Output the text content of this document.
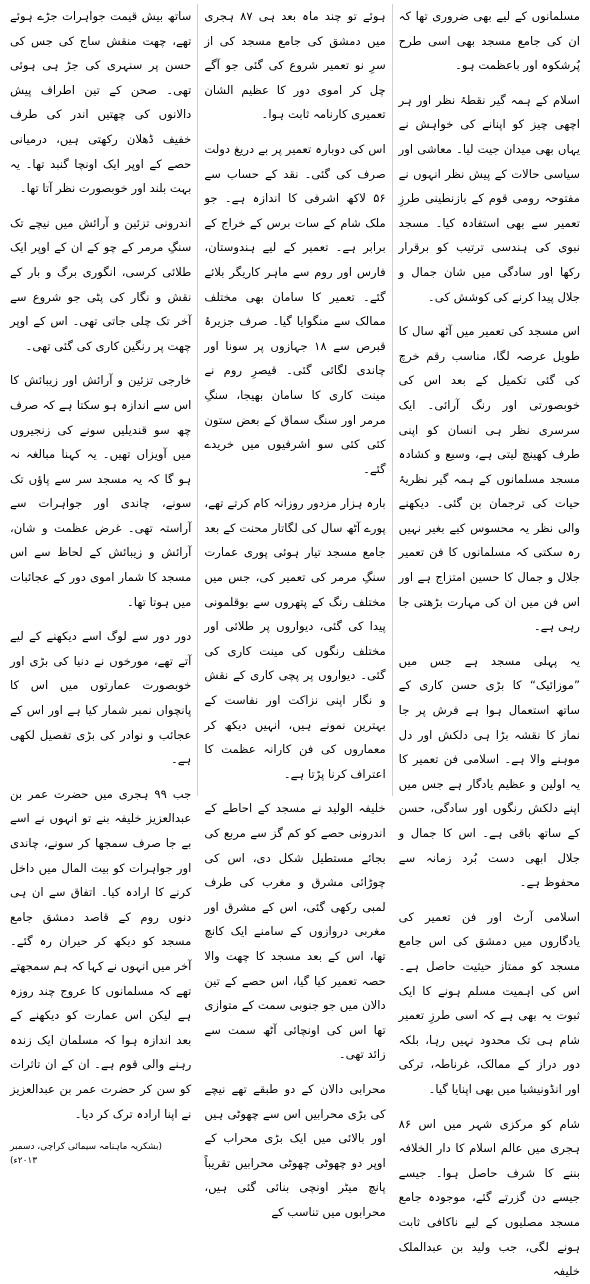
مسلمانوں کے لیے بھی ضروری تھا کہ ان کی جامع مسجد بھی اسی طرح پُرشکوہ اور باعظمت ہو۔

اسلام کے ہمہ گیر نقطۂ نظر اور ہر اچھی چیز کو اپنانے کی خواہش نے یہاں بھی میدان جیت لیا۔ معاشی اور سیاسی حالات کے پیش نظر انہوں نے مفتوحہ رومی قوم کے بازنطینی طرزِ تعمیر سے بھی استفادہ کیا۔ مسجد نبوی کی ہندسی ترتیب کو برقرار رکھا اور سادگی میں شان جمال و جلال پیدا کرنے کی کوشش کی۔

اس مسجد کی تعمیر میں آٹھ سال کا طویل عرصہ لگا، مناسب رقم خرچ کی گئی تکمیل کے بعد اس کی خوبصورتی اور رنگ آرائی۔ ایک سرسری نظر ہی انسان کو اپنی طرف کھینچ لیتی ہے، وسیع و کشادہ مسجد مسلمانوں کے ہمہ گیر نظریۂ حیات کی ترجمان بن گئی۔ دیکھنے والی نظر یہ محسوس کیے بغیر نہیں رہ سکتی کہ مسلمانوں کا فن تعمیر جلال و جمال کا حسین امتزاج ہے اور اس فن میں ان کی مہارت بڑھتی جا رہی ہے۔

یہ پہلی مسجد ہے جس میں ”موزائیک“ کا بڑی حسن کاری کے ساتھ استعمال ہوا ہے فرش پر جا نماز کا نقشہ بڑا ہی دلکش اور دل موہنے والا ہے۔ اسلامی فن تعمیر کا یہ اولین و عظیم یادگار ہے جس میں اپنے دلکش رنگوں اور سادگی، حسن کے ساتھ باقی ہے۔ اس کا جمال و جلال ابھی دست بُرد زمانہ سے محفوظ ہے۔

اسلامی آرٹ اور فن تعمیر کی یادگاروں میں دمشق کی اس جامع مسجد کو ممتاز حیثیت حاصل ہے۔ اس کی اہمیت مسلم ہونے کا ایک ثبوت یہ بھی ہے کہ اسی طرزِ تعمیر شام ہی تک محدود نہیں رہا، بلکہ دور دراز کے ممالک، غرناطہ، ترکی اور انڈونیشیا میں بھی اپنایا گیا۔

شام کو مرکزی شہر میں اس ۸۶ ہجری میں عالم اسلام کا دار الخلافہ بننے کا شرف حاصل ہوا۔ جیسے جیسے دن گزرتے گئے، موجودہ جامع مسجد مصلیوں کے لیے ناکافی ثابت ہونے لگی، جب ولید بن عبدالملک خلیفہ

ہوئے تو چند ماہ بعد ہی ۸۷ ہجری میں دمشق کی جامع مسجد کی از سرِ نو تعمیر شروع کی گئی جو آگے چل کر اموی دور کا عظیم الشان تعمیری کارنامہ ثابت ہوا۔

اس کی دوبارہ تعمیر پر بے دریغ دولت صرف کی گئی۔ نقد کے حساب سے ۵۶ لاکھ اشرفی کا اندازہ ہے۔ جو ملک شام کے سات برس کے خراج کے برابر ہے۔ تعمیر کے لیے ہندوستان، فارس اور روم سے ماہر کاریگر بلائے گئے۔ تعمیر کا سامان بھی مختلف ممالک سے منگوایا گیا۔ صرف جزیرۂ قبرص سے ۱۸ جہازوں پر سونا اور چاندی لگائی گئی۔ قیصرِ روم نے مینت کاری کا سامان بھیجا، سنگِ مرمر اور سنگ سماق کے بعض ستون کئی کئی سو اشرفیوں میں خریدے گئے۔

بارہ ہزار مزدور روزانہ کام کرتے تھے، پورے آٹھ سال کی لگاتار محنت کے بعد جامع مسجد تیار ہوئی پوری عمارت سنگِ مرمر کی تعمیر کی، جس میں مختلف رنگ کے پتھروں سے بوقلمونی پیدا کی گئی، دیواروں پر طلائی اور مختلف رنگوں کی مینت کاری کی گئی۔ دیواروں پر پچی کاری کے نقش و نگار اپنی نزاکت اور نفاست کے بہترین نمونے ہیں، انہیں دیکھ کر معماروں کی فن کارانہ عظمت کا اعتراف کرنا پڑتا ہے۔

خلیفہ الولید نے مسجد کے احاطے کے اندرونی حصے کو کم گز سے مربع کی بجائے مستطیل شکل دی، اس کی چوڑائی مشرق و مغرب کی طرف لمبی رکھی گئی، اس کے مشرق اور مغربی دروازوں کے سامنے ایک کانچ تھا، اس کے بعد مسجد کا چھت والا حصہ تعمیر کیا گیا، اس حصے کے تین دالان میں جو جنوبی سمت کے متوازی تھا اس کی اونچائی آٹھ سمت سے زائد تھی۔

محرابی دالان کے دو طبقے تھے نیچے کی بڑی محرابیں اس سے چھوٹی ہیں اور بالائی میں ایک بڑی محراب کے اوپر دو چھوٹی چھوٹی محرابیں تقریباً پانچ میٹر اونچی بنائی گئی ہیں، محرابوں میں تناسب کے

ساتھ بیش قیمت جواہرات جڑے ہوئے تھے، چھت منقش ساج کی جس کی حسن پر سنہری کی جڑ ہی ہوئی تھی۔ صحن کے تین اطراف پیش دالانوں کی چھتیں اندر کی طرف خفیف ڈھلان رکھتی ہیں، درمیانی حصے کے اوپر ایک اونچا گنبد تھا۔ یہ بہت بلند اور خوبصورت نظر آتا تھا۔

اندرونی تزئین و آرائش میں نیچے تک سنگِ مرمر کے چو کے ان کے اوپر ایک طلائی کرسی، انگوری برگ و بار کے نقش و نگار کی پٹی جو شروع سے آخر تک چلی جاتی تھی۔ اس کے اوپر چھت پر رنگین کاری کی گئی تھی۔

خارجی تزئین و آرائش اور زیبائش کا اس سے اندازہ ہو سکتا ہے کہ صرف چھ سو قندیلیں سونے کی زنجیروں میں آویزاں تھیں۔ یہ کہنا مبالغہ نہ ہو گا کہ یہ مسجد سر سے پاؤں تک سونے، چاندی اور جواہرات سے آراستہ تھی۔ غرض عظمت و شان، آرائش و زیبائش کے لحاظ سے اس مسجد کا شمار اموی دور کے عجائبات میں ہوتا تھا۔

دور دور سے لوگ اسے دیکھنے کے لیے آتے تھے، مورخوں نے دنیا کی بڑی اور خوبصورت عمارتوں میں اس کا پانچواں نمبر شمار کیا ہے اور اس کے عجائب و نوادر کی بڑی تفصیل لکھی ہے۔

جب ۹۹ ہجری میں حضرت عمر بن عبدالعزیز خلیفہ بنے تو انہوں نے اسے بے جا صرف سمجھا کر سونے، چاندی اور جواہرات کو بیت المال میں داخل کرنے کا ارادہ کیا۔ اتفاق سے ان ہی دنوں روم کے قاصد دمشق جامع مسجد کو دیکھ کر حیران رہ گئے۔ آخر میں انہوں نے کہا کہ ہم سمجھتے تھے کہ مسلمانوں کا عروج چند روزہ ہے لیکن اس عمارت کو دیکھنے کے بعد اندازہ ہوا کہ مسلمان ایک زندہ رہنے والی قوم ہے۔ ان کے ان تاثرات کو سن کر حضرت عمر بن عبدالعزیز نے اپنا ارادہ ترک کر دیا۔

(بشکریہ ماہنامہ سیمائی کراچی، دسمبر ۲۰۱۳ء)
